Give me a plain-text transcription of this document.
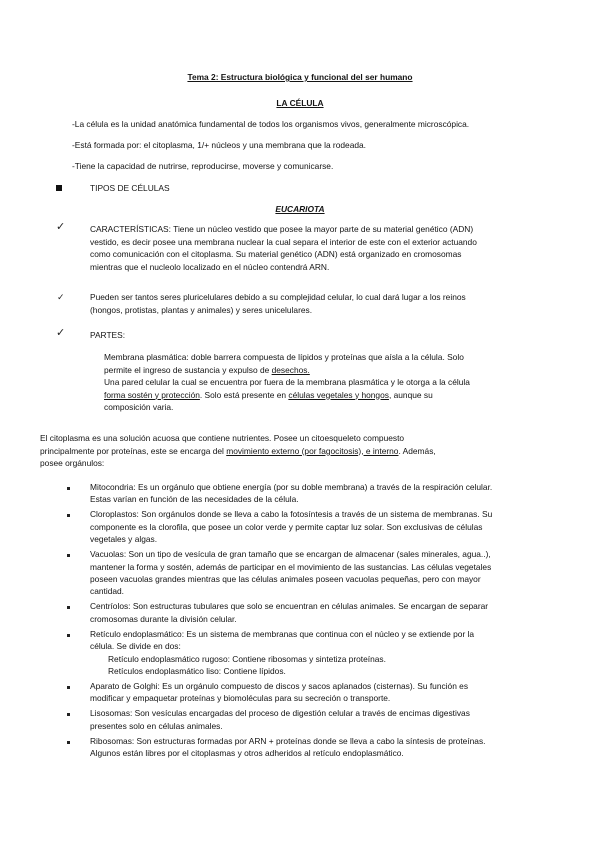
Tema 2: Estructura biológica y funcional del ser humano
LA CÉLULA
-La célula es la unidad anatómica fundamental de todos los organismos vivos, generalmente microscópica.
-Está formada por: el citoplasma, 1/+ núcleos y una membrana que la rodeada.
-Tiene la capacidad de nutrirse, reproducirse, moverse y comunicarse.
TIPOS DE CÉLULAS
EUCARIOTA
✓	CARACTERÍSTICAS: Tiene un núcleo vestido que posee la mayor parte de su material genético (ADN)
vestido, es decir posee una membrana nuclear la cual separa el interior de este con el exterior actuando
como comunicación con el citoplasma. Su material genético (ADN) está organizado en cromosomas
mientras que el nucleolo localizado en el núcleo contendrá ARN.
✓	Pueden ser tantos seres pluricelulares debido a su complejidad celular, lo cual dará lugar a los reinos
(hongos, protistas, plantas y animales) y seres unicelulares.
✓	PARTES:
Membrana plasmática: doble barrera compuesta de lípidos y proteínas que aísla a la célula. Solo
permite el ingreso de sustancia y expulso de desechos.
Una pared celular la cual se encuentra por fuera de la membrana plasmática y le otorga a la célula
forma sostén y protección. Solo está presente en células vegetales y hongos, aunque su
composición varia.
El citoplasma es una solución acuosa que contiene nutrientes. Posee un citoesqueleto compuesto
principalmente por proteínas, este se encarga del movimiento externo (por fagocitosis), e interno. Además,
posee orgánulos:
Mitocondria: Es un orgánulo que obtiene energía (por su doble membrana) a través de la respiración celular.
Estas varían en función de las necesidades de la célula.
Cloroplastos: Son orgánulos donde se lleva a cabo la fotosíntesis a través de un sistema de membranas. Su
componente es la clorofila, que posee un color verde y permite captar luz solar. Son exclusivas de células
vegetales y algas.
Vacuolas: Son un tipo de vesícula de gran tamaño que se encargan de almacenar (sales minerales, agua..),
mantener la forma y sostén, además de participar en el movimiento de las sustancias. Las células vegetales
poseen vacuolas grandes mientras que las células animales poseen vacuolas pequeñas, pero con mayor
cantidad.
Centríolos: Son estructuras tubulares que solo se encuentran en células animales. Se encargan de separar
cromosomas durante la división celular.
Retículo endoplasmático: Es un sistema de membranas que continua con el núcleo y se extiende por la
célula. Se divide en dos:
Retículo endoplasmático rugoso: Contiene ribosomas y sintetiza proteínas.
Retículos endoplasmático liso: Contiene lípidos.
Aparato de Golghi: Es un orgánulo compuesto de discos y sacos aplanados (cisternas). Su función es
modificar y empaquetar proteínas y biomoléculas para su secreción o transporte.
Lisosomas: Son vesículas encargadas del proceso de digestión celular a través de encimas digestivas
presentes solo en células animales.
Ribosomas: Son estructuras formadas por ARN + proteínas donde se lleva a cabo la síntesis de proteínas.
Algunos están libres por el citoplasmas y otros adheridos al retículo endoplasmático.
